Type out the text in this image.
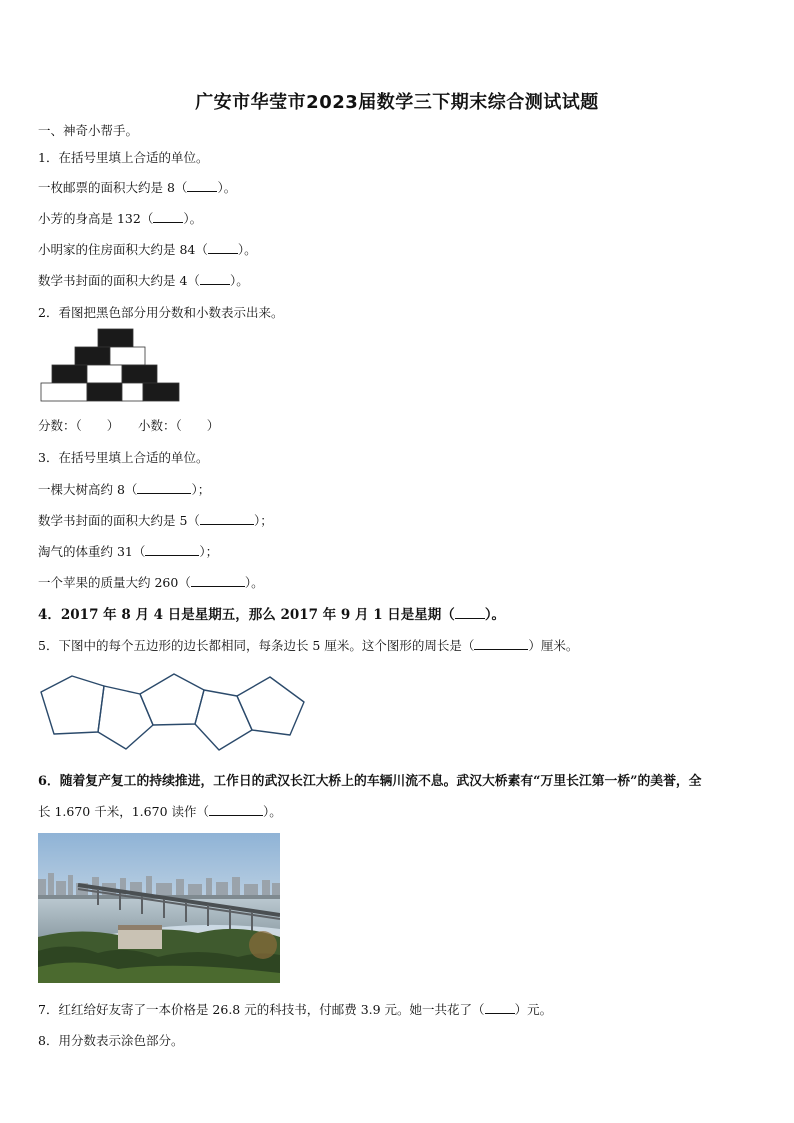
广安市华莹市2023届数学三下期末综合测试试题
一、神奇小帮手。
1．在括号里填上合适的单位。
一枚邮票的面积大约是 8（ ）。
小芳的身高是 132（ ）。
小明家的住房面积大约是 84（ ）。
数学书封面的面积大约是 4（ ）。
2．看图把黑色部分用分数和小数表示出来。
分数：（　　）　　小数：（　　）
3．在括号里填上合适的单位。
一棵大树高约 8（	）；
数学书封面的面积大约是 5（	）；
淘气的体重约 31（	）；
一个苹果的质量大约 260（	）。
4．2017 年 8 月 4 日是星期五，那么 2017 年 9 月 1 日是星期（ ）。
5．下图中的每个五边形的边长都相同，每条边长 5 厘米。这个图形的周长是（	）厘米。
6．随着复产复工的持续推进，工作日的武汉长江大桥上的车辆川流不息。武汉大桥素有“万里长江第一桥”的美誉，全
长 1.670 千米，1.670 读作（	）。
7．红红给好友寄了一本价格是 26.8 元的科技书，付邮费 3.9 元。她一共花了（ ）元。
8．用分数表示涂色部分。
